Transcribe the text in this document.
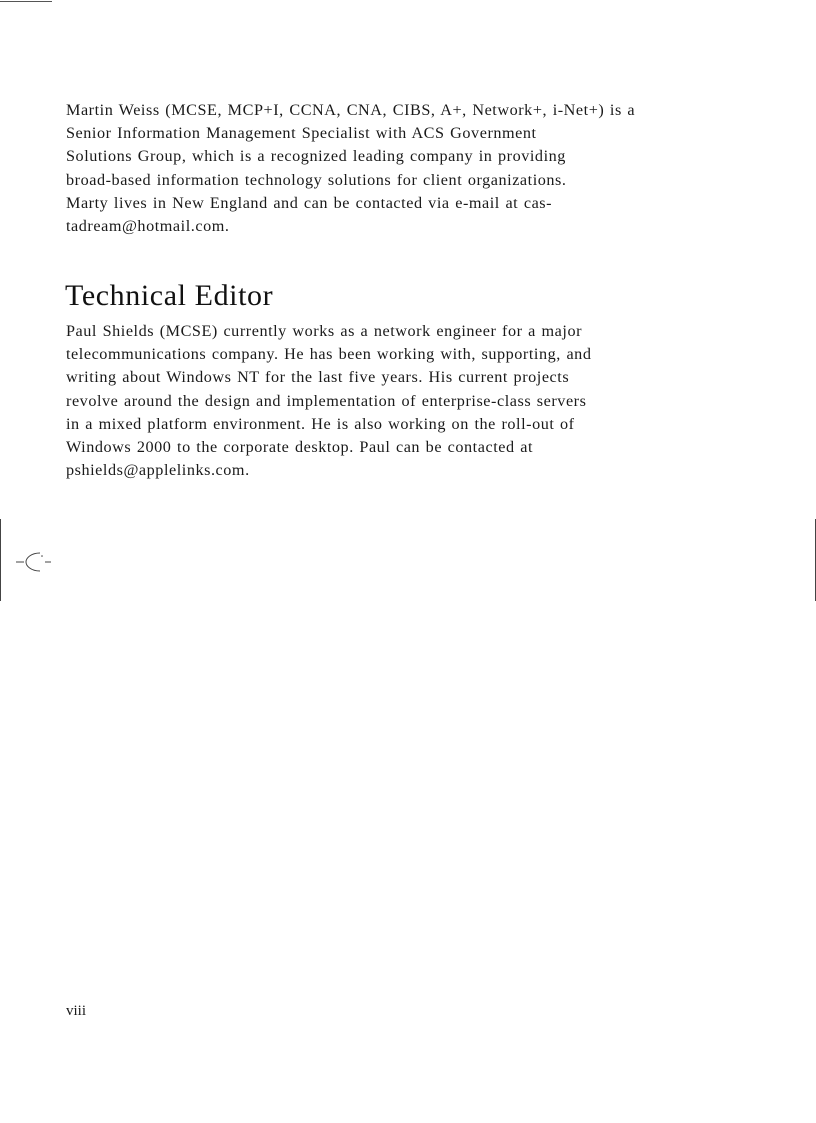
Martin Weiss (MCSE, MCP+I, CCNA, CNA, CIBS, A+, Network+, i-Net+) is a
Senior Information Management Specialist with ACS Government
Solutions Group, which is a recognized leading company in providing
broad-based information technology solutions for client organizations.
Marty lives in New England and can be contacted via e-mail at cas-
tadream@hotmail.com.

Technical Editor

Paul Shields (MCSE) currently works as a network engineer for a major
telecommunications company. He has been working with, supporting, and
writing about Windows NT for the last five years. His current projects
revolve around the design and implementation of enterprise-class servers
in a mixed platform environment. He is also working on the roll-out of
Windows 2000 to the corporate desktop. Paul can be contacted at
pshields@applelinks.com.

viii
